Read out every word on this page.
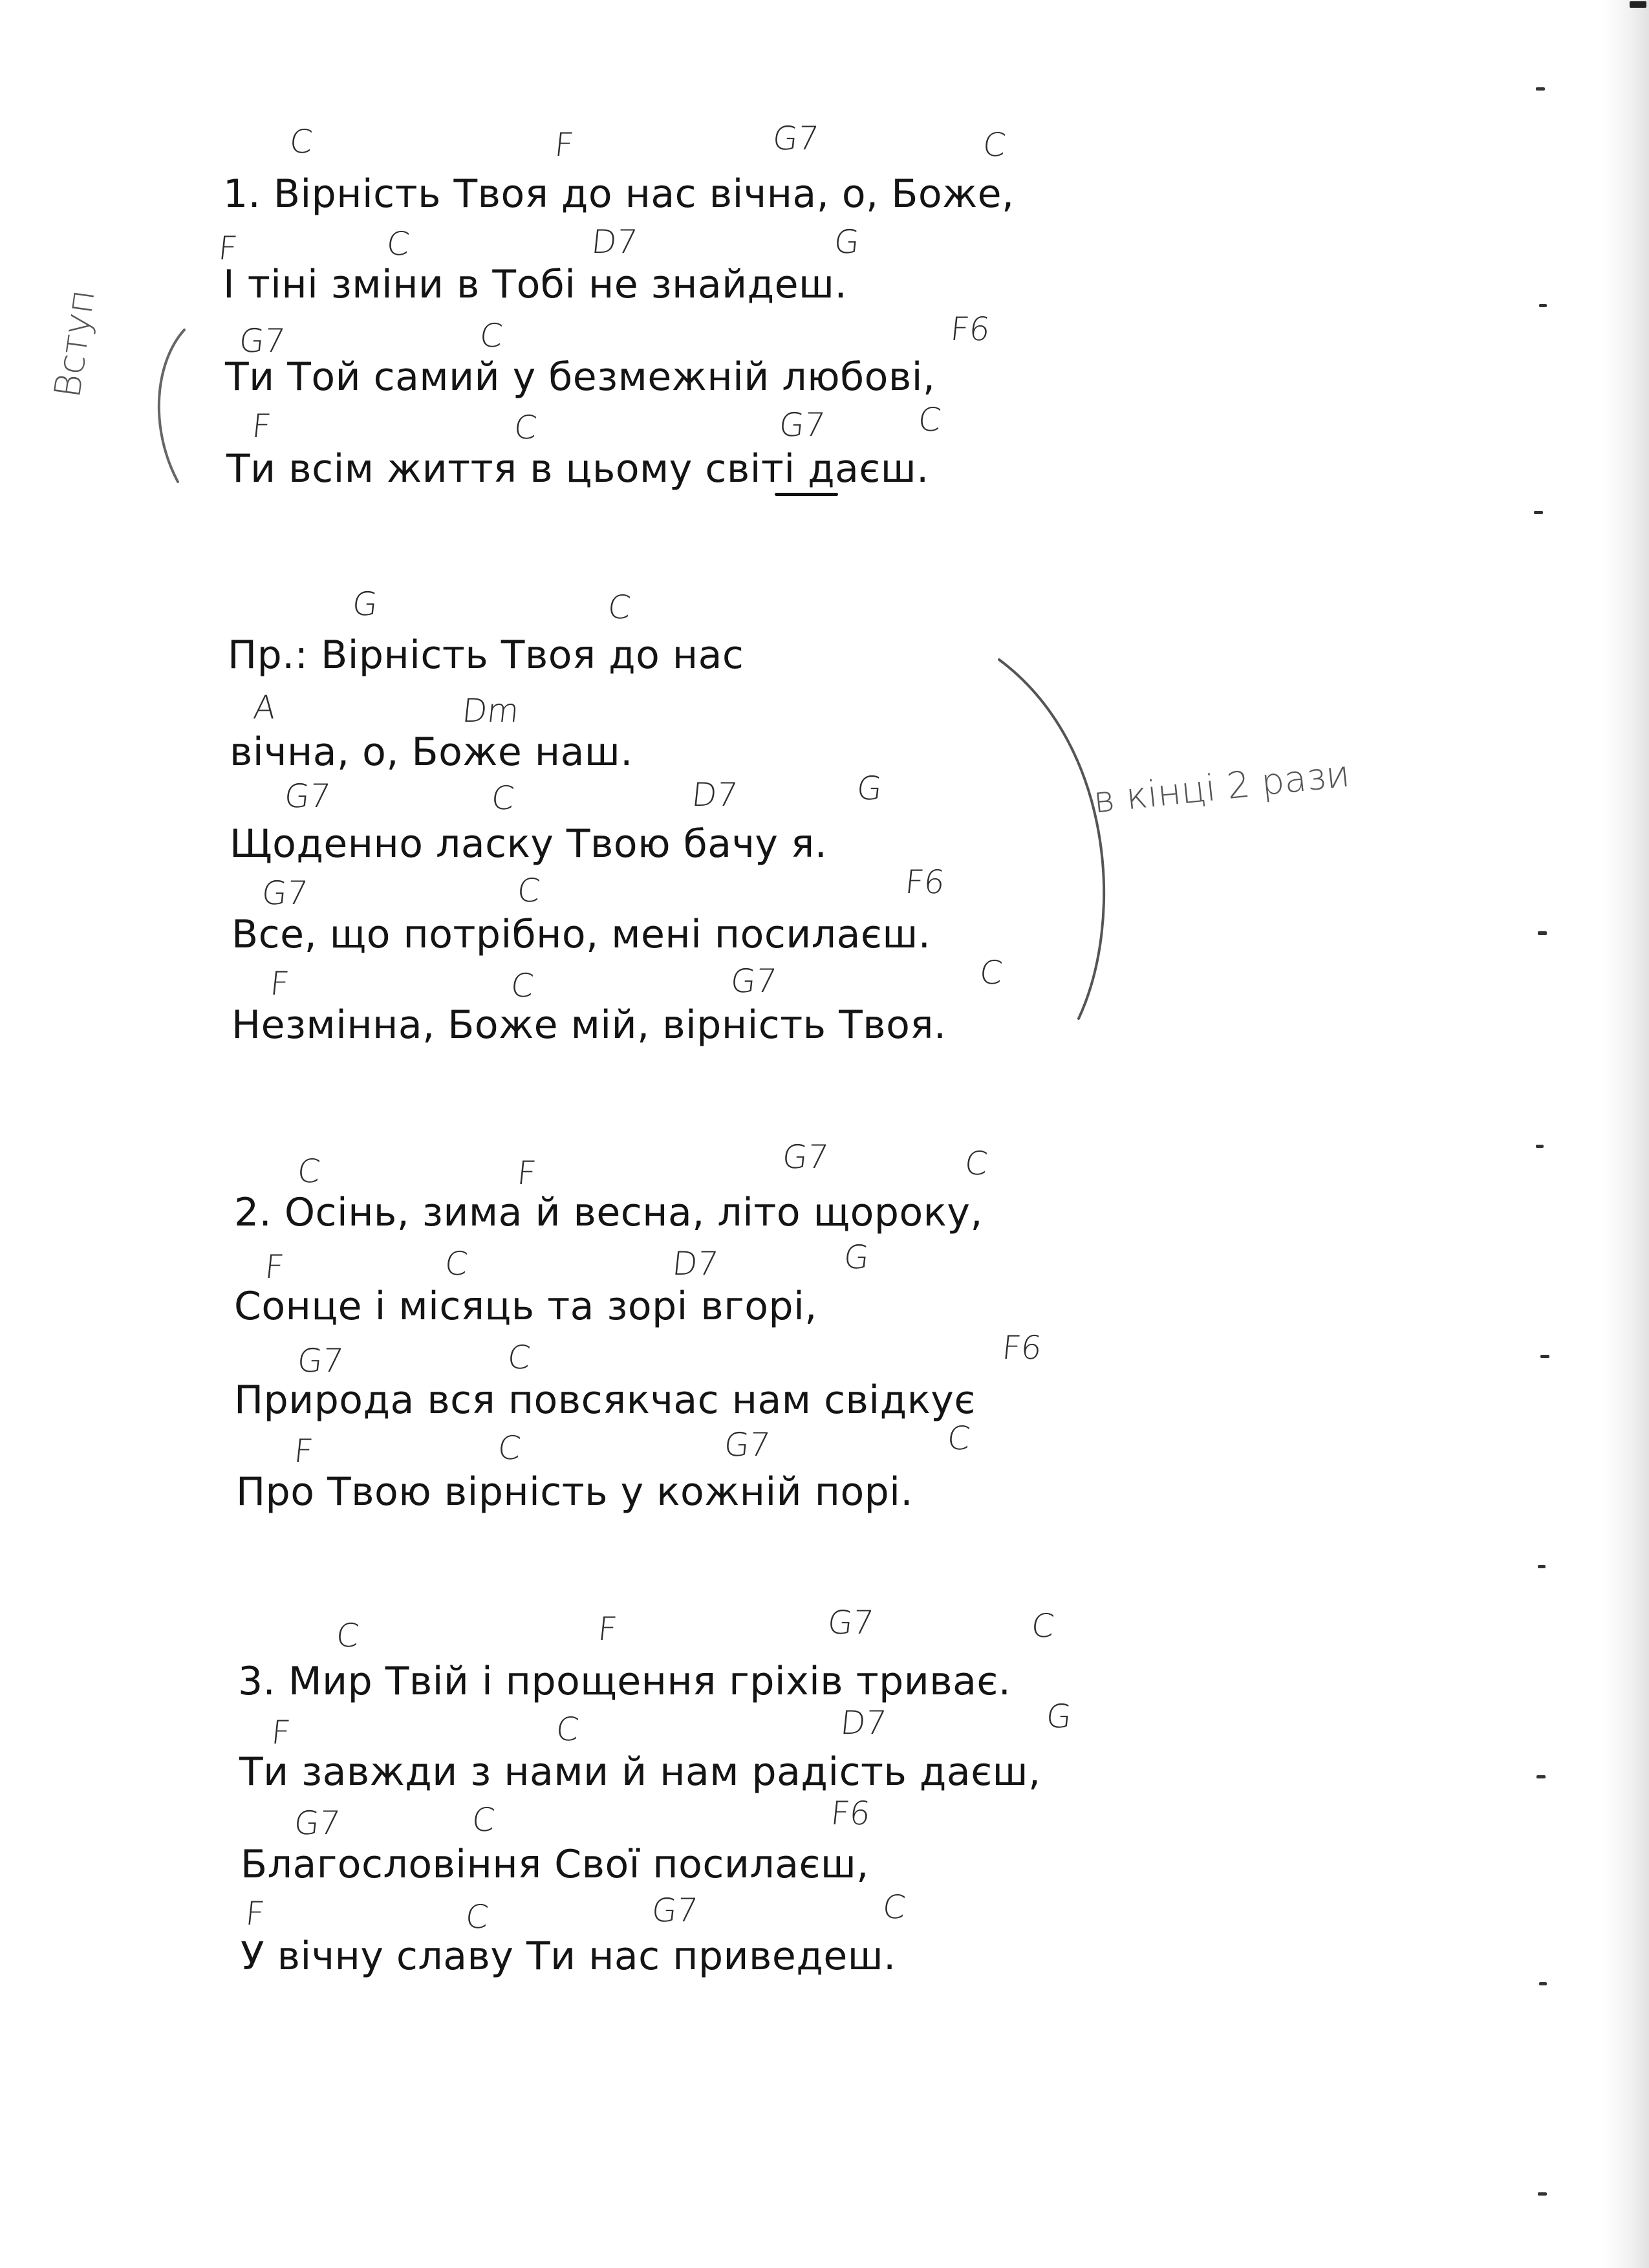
C	F	G7	C
1. Вірність Твоя до нас вічна, о, Боже,
F	C	D7	G
І тіні зміни в Тобі не знайдеш.
G7	C	F6
Ти Той самий у безмежній любові,
F	C	G7	C
Ти всім життя в цьому світі даєш.
Вступ
G	C
Пр.: Вірність Твоя до нас
A	Dm
вічна, о, Боже наш.
G7	C	D7	G
Щоденно ласку Твою бачу я.
G7	C	F6
Все, що потрібно, мені посилаєш.
F	C	G7	C
Незмінна, Боже мій, вірність Твоя.
в кінці 2 рази
C	F	G7	C
2. Осінь, зима й весна, літо щороку,
F	C	D7	G
Сонце і місяць та зорі вгорі,
G7	C	F6
Природа вся повсякчас нам свідкує
F	C	G7	C
Про Твою вірність у кожній порі.
C	F	G7	C
3. Мир Твій і прощення гріхів триває.
F	C	D7	G
Ти завжди з нами й нам радість даєш,
G7	C	F6
Благословіння Свої посилаєш,
F	C	G7	C
У вічну славу Ти нас приведеш.
